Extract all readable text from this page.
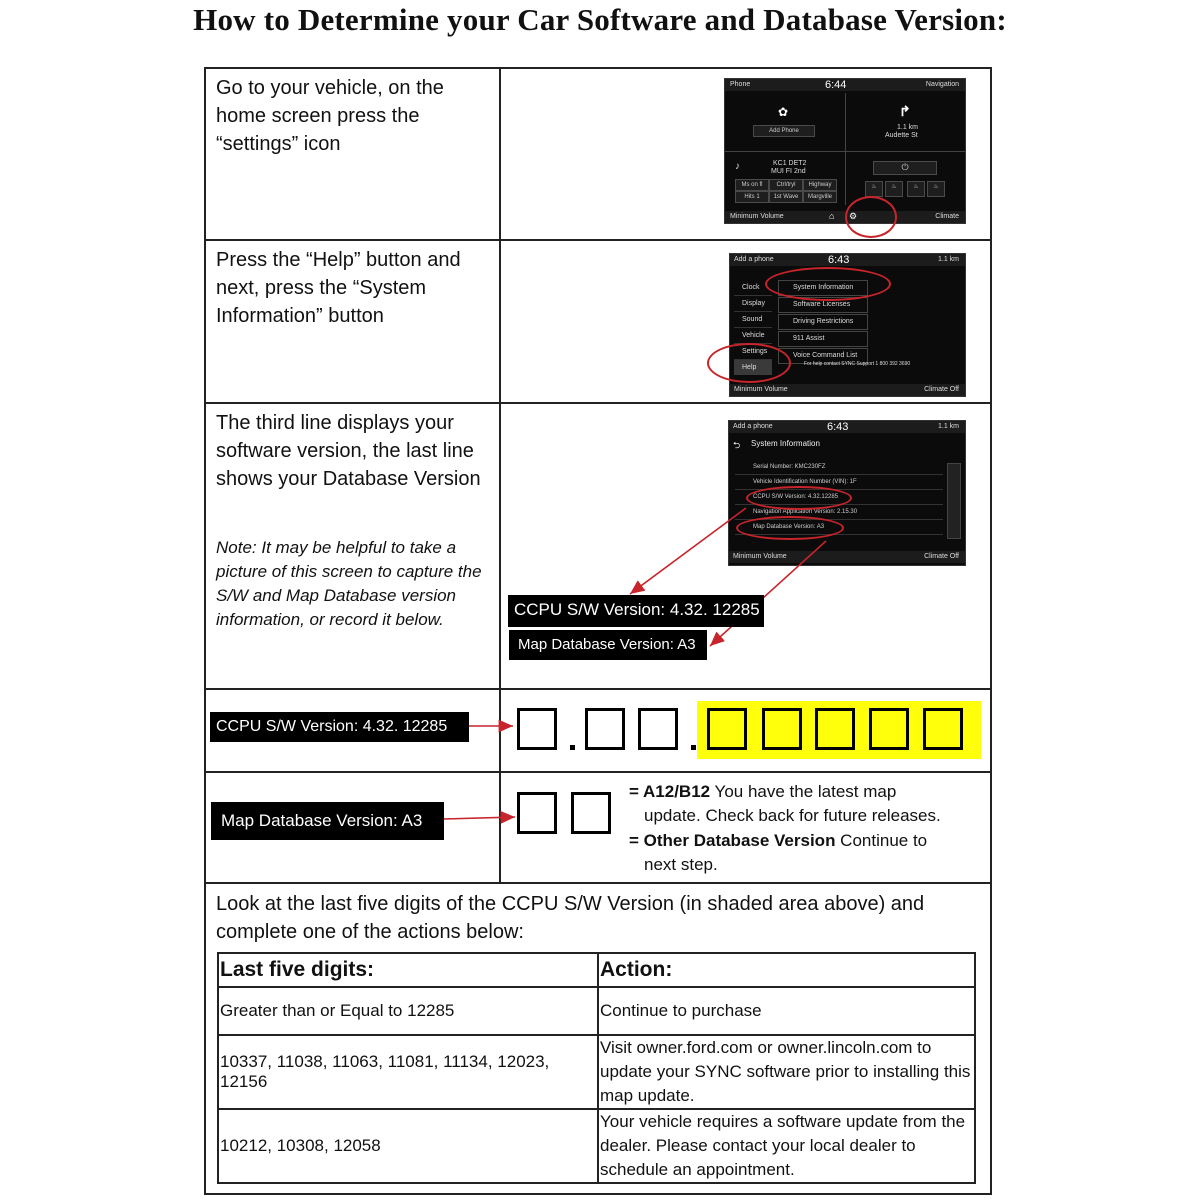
How to Determine your Car Software and Database Version:
Go to your vehicle, on the home screen press the “settings” icon
Press the “Help” button and next, press the “System Information” button
The third line displays your software version, the last line shows your Database Version
Note: It may be helpful to take a picture of this screen to capture the S/W and Map Database version information, or record it below.
Phone	6:44	Navigation
✿
Add Phone
↱
1.1 km
Audette St
♪	KC1 DET2
MUI FI 2nd
Ms on fl	Ctrl/tryl	Highway
Hits 1	1st Wave	Margville
⏻
♨	♨	♨	♨
Minimum Volume	⌂ ⚙	Climate
Add a phone	6:43	1.1 km
Clock
Display
Sound
Vehicle
Settings
Help
System Information
Software Licenses
Driving Restrictions
911 Assist
Voice Command List
For help contact SYNC Support 1 800 392 3690
Minimum Volume	Climate Off
Add a phone	6:43	1.1 km
⮌ System Information
Serial Number: KMC230FZ
Vehicle Identification Number (VIN): 1F
CCPU S/W Version: 4.32.12285
Navigation Application Version: 2.15.30
Map Database Version: A3
Minimum Volume	Climate Off
CCPU S/W Version: 4.32. 12285
Map Database Version: A3
CCPU S/W Version: 4.32. 12285
Map Database Version: A3
= A12/B12 You have the latest map
update. Check back for future releases.
= Other Database Version Continue to
next step.
Look at the last five digits of the CCPU S/W Version (in shaded area above) and complete one of the actions below:
Last five digits:	Action:
Greater than or Equal to 12285	Continue to purchase
10337, 11038, 11063, 11081, 11134, 12023, 12156	Visit owner.ford.com or owner.lincoln.com to update your SYNC software prior to installing this map update.
10212, 10308, 12058	Your vehicle requires a software update from the dealer. Please contact your local dealer to schedule an appointment.
